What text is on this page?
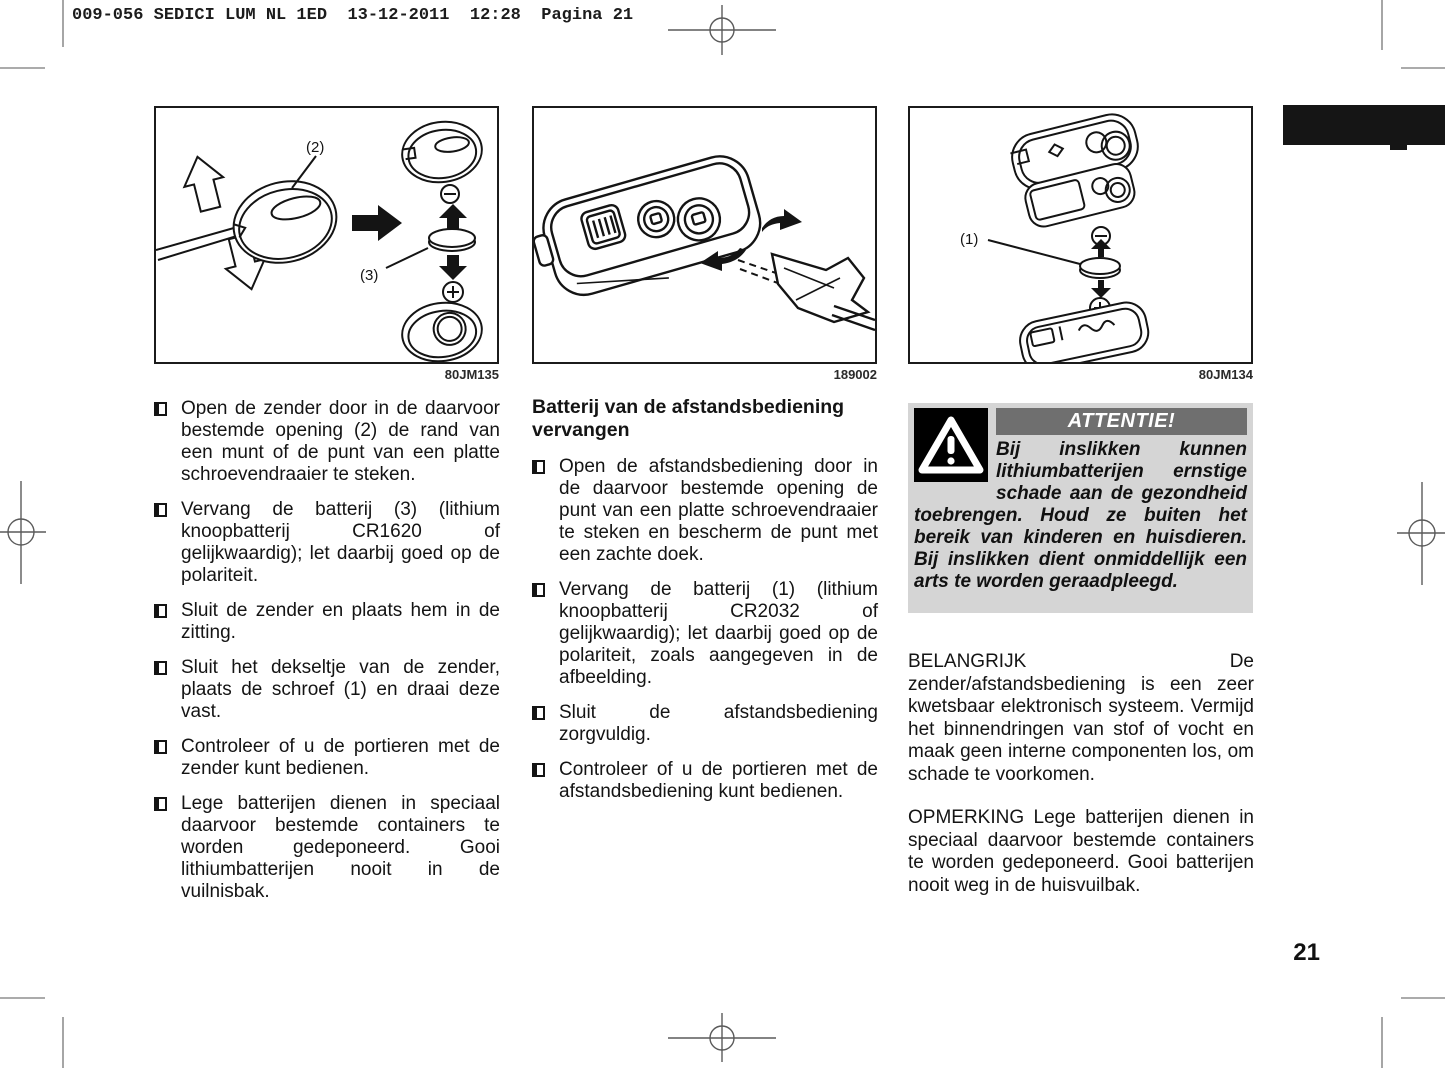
009-056 SEDICI LUM NL 1ED  13-12-2011  12:28  Pagina 21
(2)
(3)
80JM135	189002
(1)
80JM134
Open de zender door in de daarvoor bestemde opening (2) de rand van een munt of de punt van een platte schroevendraaier te steken.
Vervang de batterij (3) (lithium knoopbatterij CR1620 of gelijkwaardig); let daarbij goed op de polariteit.
Sluit de zender en plaats hem in de zitting.
Sluit het dekseltje van de zender, plaats de schroef (1) en draai deze vast.
Controleer of u de portieren met de zender kunt bedienen.
Lege batterijen dienen in speciaal daarvoor bestemde containers te worden gedeponeerd. Gooi lithiumbatterijen nooit in de vuilnisbak.
Batterij van de afstandsbediening vervangen
Open de afstandsbediening door in de daarvoor bestemde opening de punt van een platte schroevendraaier te steken en bescherm de punt met een zachte doek.
Vervang de batterij (1) (lithium knoopbatterij CR2032 of gelijkwaardig); let daarbij goed op de polariteit, zoals aangegeven in de afbeelding.
Sluit de afstandsbediening zorgvuldig.
Controleer of u de portieren met de afstandsbediening kunt bedienen.
ATTENTIE!

Bij inslikken kunnen lithiumbatterijen ernstige schade aan de gezondheid toebrengen. Houd ze buiten het bereik van kinderen en huisdieren. Bij inslikken dient onmiddellijk een arts te worden geraadpleegd.

BELANGRIJK De zender/afstandsbediening is een zeer kwetsbaar elektronisch systeem. Vermijd het binnendringen van stof of vocht en maak geen interne componenten los, om schade te voorkomen.

OPMERKING Lege batterijen dienen in speciaal daarvoor bestemde containers te worden gedeponeerd. Gooi batterijen nooit weg in de huisvuilbak.

21
